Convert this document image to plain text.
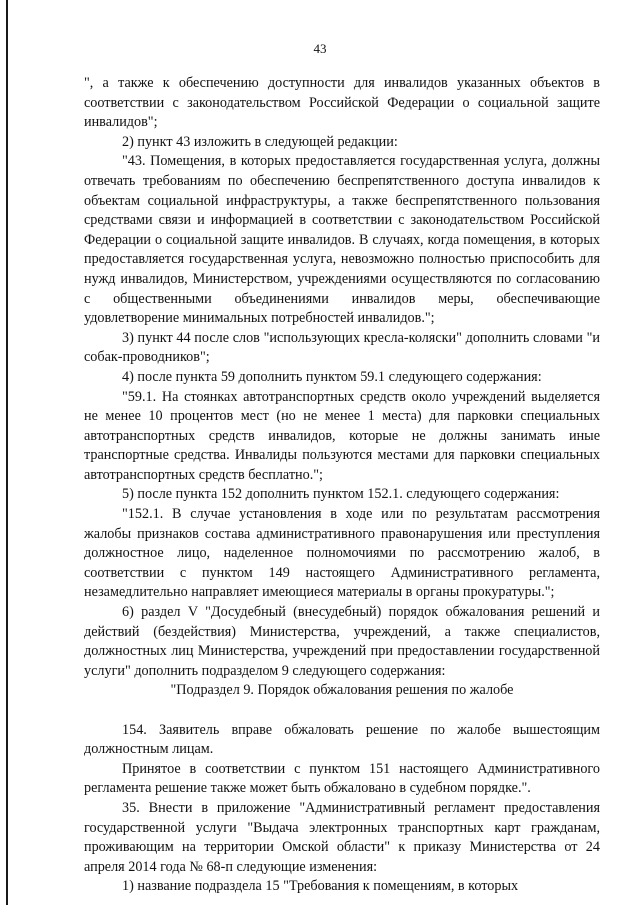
43

", а также к обеспечению доступности для инвалидов указанных объектов в соответствии с законодательством Российской Федерации о социальной защите инвалидов";

2) пункт 43 изложить в следующей редакции:

"43. Помещения, в которых предоставляется государственная услуга, должны отвечать требованиям по обеспечению беспрепятственного доступа инвалидов к объектам социальной инфраструктуры, а также беспрепятственного пользования средствами связи и информацией в соответствии с законодательством Российской Федерации о социальной защите инвалидов. В случаях, когда помещения, в которых предоставляется государственная услуга, невозможно полностью приспособить для нужд инвалидов, Министерством, учреждениями осуществляются по согласованию с общественными объединениями инвалидов меры, обеспечивающие удовлетворение минимальных потребностей инвалидов.";

3) пункт 44 после слов "использующих кресла-коляски" дополнить словами "и собак-проводников";

4) после пункта 59 дополнить пунктом 59.1 следующего содержания:

"59.1. На стоянках автотранспортных средств около учреждений выделяется не менее 10 процентов мест (но не менее 1 места) для парковки специальных автотранспортных средств инвалидов, которые не должны занимать иные транспортные средства. Инвалиды пользуются местами для парковки специальных автотранспортных средств бесплатно.";

5) после пункта 152 дополнить пунктом 152.1. следующего содержания:

"152.1. В случае установления в ходе или по результатам рассмотрения жалобы признаков состава административного правонарушения или преступления должностное лицо, наделенное полномочиями по рассмотрению жалоб, в соответствии с пунктом 149 настоящего Административного регламента, незамедлительно направляет имеющиеся материалы в органы прокуратуры.";

6) раздел V "Досудебный (внесудебный) порядок обжалования решений и действий (бездействия) Министерства, учреждений, а также специалистов, должностных лиц Министерства, учреждений при предоставлении государственной услуги" дополнить подразделом 9 следующего содержания:

"Подраздел 9. Порядок обжалования решения по жалобе

154. Заявитель вправе обжаловать решение по жалобе вышестоящим должностным лицам.

Принятое в соответствии с пунктом 151 настоящего Административного регламента решение также может быть обжаловано в судебном порядке.".

35. Внести в приложение "Административный регламент предоставления государственной услуги "Выдача электронных транспортных карт гражданам, проживающим на территории Омской области" к приказу Министерства от 24 апреля 2014 года № 68-п следующие изменения:

1) название подраздела 15 "Требования к помещениям, в которых
